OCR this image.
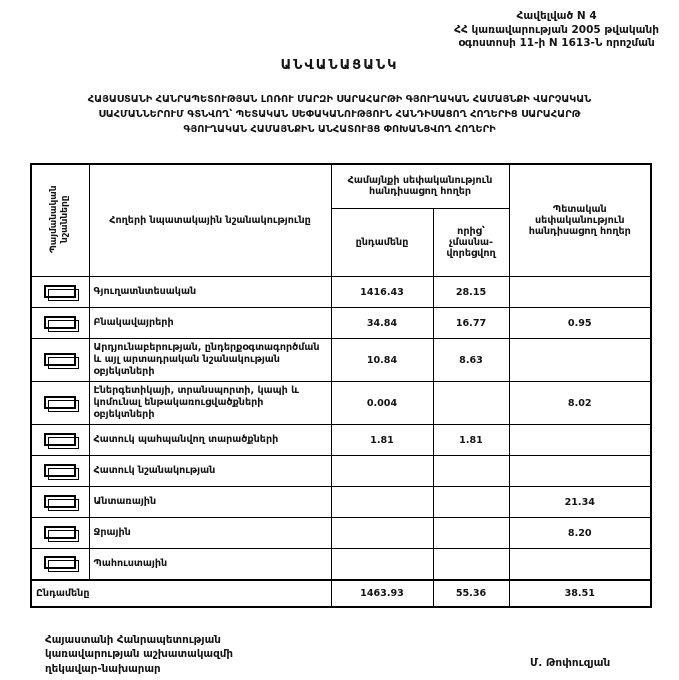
Հավելված N 4
ՀՀ կառավարության 2005 թվականի
օգոստոսի 11-ի N 1613-Ն որոշման
ԱՆՎԱՆԱՑԱՆԿ
ՀԱՅԱՍՏԱՆԻ ՀԱՆՐԱՊԵՏՈՒԹՅԱՆ ԼՈՌՈՒ ՄԱՐԶԻ ՍԱՐԱՀԱՐԹԻ ԳՅՈՒՂԱԿԱՆ ՀԱՄԱՅՆՔԻ ՎԱՐՉԱԿԱՆ
ՍԱՀՄԱՆՆԵՐՈՒՄ ԳՏՆՎՈՂ՝ ՊԵՏԱԿԱՆ ՍԵՓԱԿԱՆՈՒԹՅՈՒՆ ՀԱՆԴԻՍԱՑՈՂ ՀՈՂԵՐԻՑ ՍԱՐԱՀԱՐԹ
ԳՅՈՒՂԱԿԱՆ ՀԱՄԱՅՆՔԻՆ ԱՆՀԱՏՈՒՅՑ ՓՈԽԱՆՑՎՈՂ ՀՈՂԵՐԻ
Պայմանական նշանները	Հողերի նպատակային նշանակությունը	Համայնքի սեփականություն հանդիսացող հողեր		Պետական սեփականություն հանդիսացող հողեր
		ընդամենը	որից՝ չմասնավորեցվող	

	Գյուղատնտեսական	1416.43	28.15	

	Բնակավայրերի	34.84	16.77	0.95

	Արդյունաբերության, ընդերքօգտագործման և այլ արտադրական նշանակության օբյեկտների	10.84	8.63	

	Էներգետիկայի, տրանսպորտի, կապի և կոմունալ ենթակառուցվածքների օբյեկտների	0.004		8.02

	Հատուկ պահպանվող տարածքների	1.81	1.81	

	Հատուկ նշանակության			

	Անտառային			21.34

	Ջրային			8.20

	Պահուստային			
Ընդամենը		1463.93	55.36	38.51
Հայաստանի Հանրապետության
կառավարության աշխատակազմի
ղեկավար-նախարար	Մ. Թոփուզյան
